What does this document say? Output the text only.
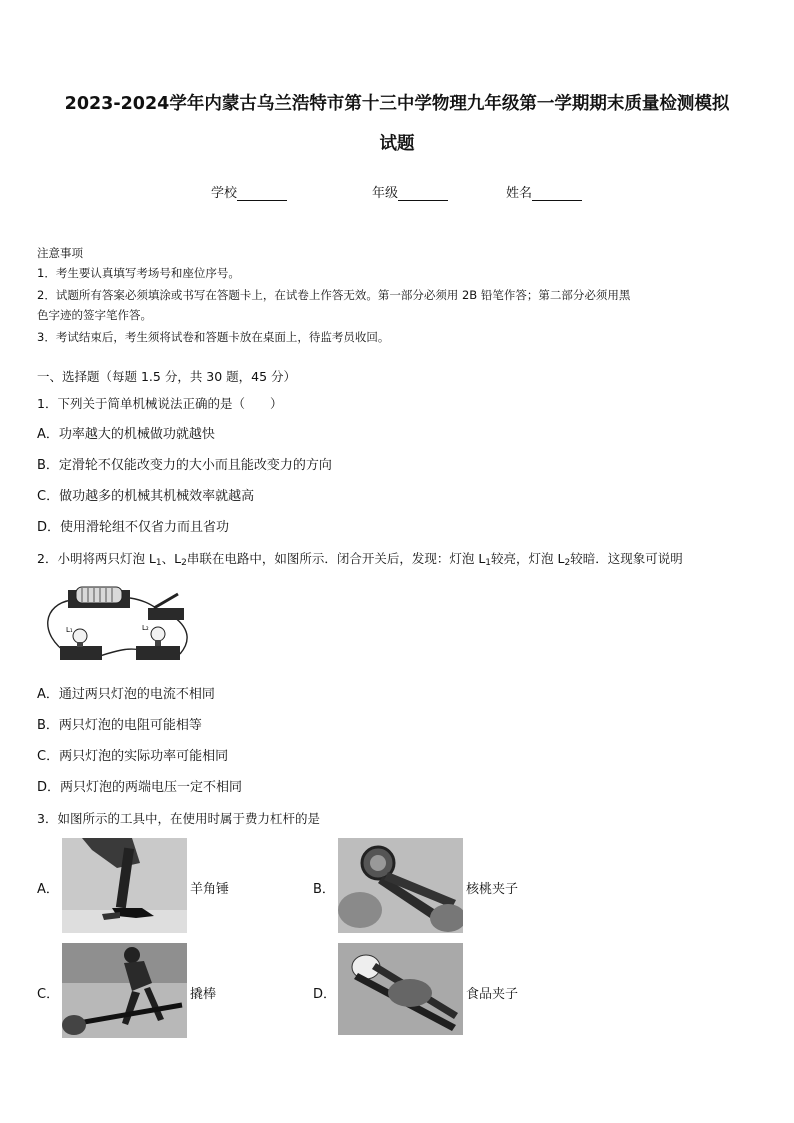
2023-2024学年内蒙古乌兰浩特市第十三中学物理九年级第一学期期末质量检测模拟
试题
学校	年级	姓名
注意事项
1．考生要认真填写考场号和座位序号。
2．试题所有答案必须填涂或书写在答题卡上，在试卷上作答无效。第一部分必须用 2B 铅笔作答；第二部分必须用黑
色字迹的签字笔作答。
3．考试结束后，考生须将试卷和答题卡放在桌面上，待监考员收回。
一、选择题（每题 1.5 分，共 30 题，45 分）
1．下列关于简单机械说法正确的是（　　）
A．功率越大的机械做功就越快
B．定滑轮不仅能改变力的大小而且能改变力的方向
C．做功越多的机械其机械效率就越高
D．使用滑轮组不仅省力而且省功
2．小明将两只灯泡 $L_1$、$L_2$串联在电路中，如图所示．闭合开关后，发现：灯泡 $L_1$较亮，灯泡 $L_2$较暗．这现象可说明
L₁	L₂
A．通过两只灯泡的电流不相同
B．两只灯泡的电阻可能相等
C．两只灯泡的实际功率可能相同
D．两只灯泡的两端电压一定不相同
3．如图所示的工具中，在使用时属于费力杠杆的是
A．	羊角锤	B．	核桃夹子
C．	撬棒	D．	食品夹子
